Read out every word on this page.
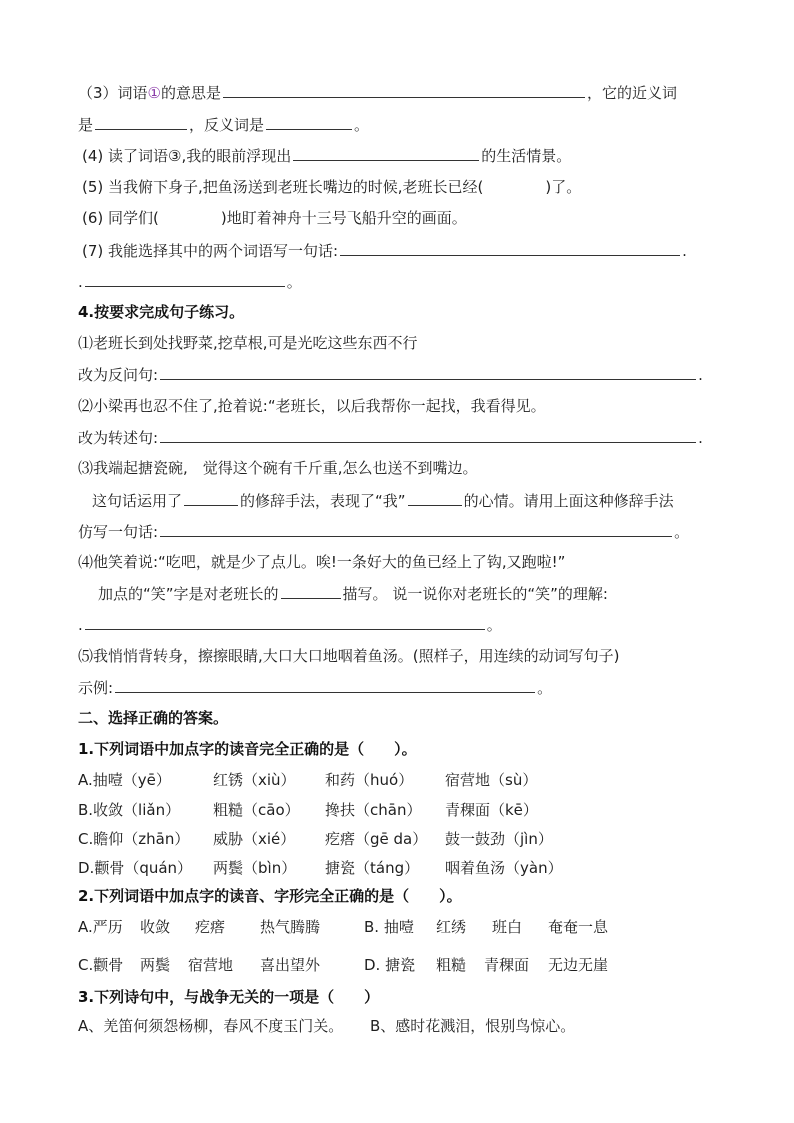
（3）词语①的意思是	，它的近义词
是	，反义词是	。
(4) 读了词语③,我的眼前浮现出	的生活情景。
(5) 当我俯下身子,把鱼汤送到老班长嘴边的时候,老班长已经(	)了。
(6) 同学们(	)地盯着神舟十三号飞船升空的画面。
(7) 我能选择其中的两个词语写一句话:	.
.	。
4.按要求完成句子练习。
⑴老班长到处找野菜,挖草根,可是光吃这些东西不行
改为反问句:	.
⑵小梁再也忍不住了,抢着说:“老班长，以后我帮你一起找，我看得见。
改为转述句:	.
⑶我端起搪瓷碗,　觉得这个碗有千斤重,怎么也送不到嘴边。
这句话运用了	的修辞手法，表现了“我”	的心情。请用上面这种修辞手法
仿写一句话:	。
⑷他笑着说:“吃吧，就是少了点儿。唉!一条好大的鱼已经上了钩,又跑啦!”
加点的“笑”字是对老班长的	描写。 说一说你对老班长的“笑”的理解:
.	。
⑸我悄悄背转身，擦擦眼睛,大口大口地咽着鱼汤。(照样子，用连续的动词写句子)
示例:	。
二、选择正确的答案。
1.下列词语中加点字的读音完全正确的是（　　）。
A.抽噎（yē）	红锈（xiù） 和药（huó） 宿营地（sù）
B.收敛（liǎn） 粗糙（cāo） 搀扶（chān） 青稞面（kē）
C.瞻仰（zhān） 威胁（xié） 疙瘩（gē da） 鼓一鼓劲（jìn）
D.颧骨（quán） 两鬓（bìn） 搪瓷（táng） 咽着鱼汤（yàn）
2.下列词语中加点字的读音、字形完全正确的是（　　）。
A.严历 收敛 疙瘩 热气腾腾	B. 抽噎 红绣 班白 奄奄一息
C.颧骨 两鬓 宿营地 喜出望外	D. 搪瓷 粗糙 青稞面 无边无崖
3.下列诗句中，与战争无关的一项是（　　）
A、羌笛何须怨杨柳，春风不度玉门关。 B、感时花溅泪，恨别鸟惊心。
